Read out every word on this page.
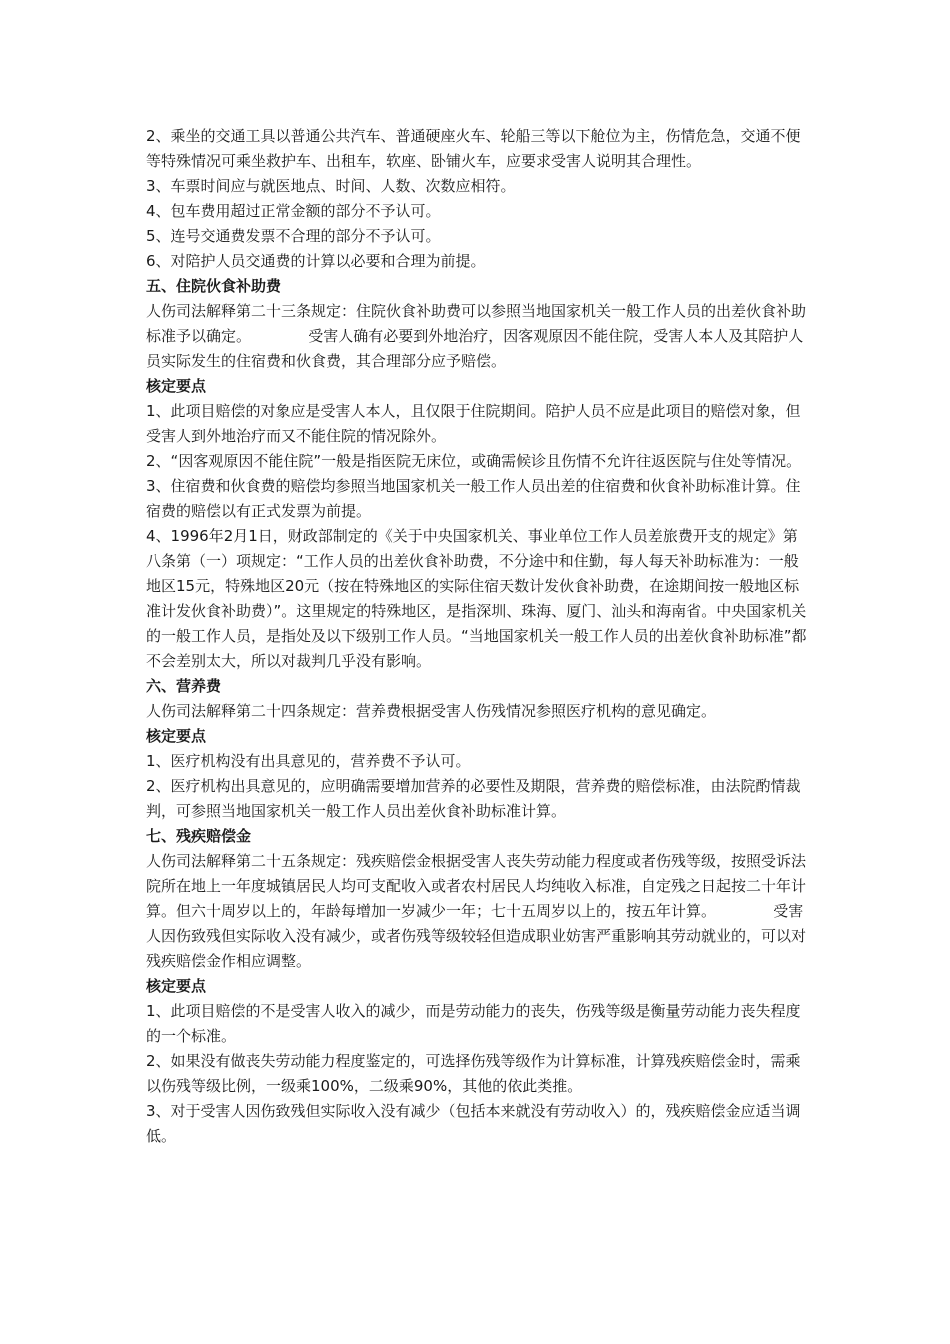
2、乘坐的交通工具以普通公共汽车、普通硬座火车、轮船三等以下舱位为主，伤情危急，交通不便等特殊情况可乘坐救护车、出租车，软座、卧铺火车，应要求受害人说明其合理性。

3、车票时间应与就医地点、时间、人数、次数应相符。

4、包车费用超过正常金额的部分不予认可。

5、连号交通费发票不合理的部分不予认可。

6、对陪护人员交通费的计算以必要和合理为前提。

五、住院伙食补助费

人伤司法解释第二十三条规定：住院伙食补助费可以参照当地国家机关一般工作人员的出差伙食补助标准予以确定。            受害人确有必要到外地治疗，因客观原因不能住院，受害人本人及其陪护人员实际发生的住宿费和伙食费，其合理部分应予赔偿。

核定要点

1、此项目赔偿的对象应是受害人本人，且仅限于住院期间。陪护人员不应是此项目的赔偿对象，但受害人到外地治疗而又不能住院的情况除外。

2、“因客观原因不能住院”一般是指医院无床位，或确需候诊且伤情不允许往返医院与住处等情况。

3、住宿费和伙食费的赔偿均参照当地国家机关一般工作人员出差的住宿费和伙食补助标准计算。住宿费的赔偿以有正式发票为前提。

4、1996年2月1日，财政部制定的《关于中央国家机关、事业单位工作人员差旅费开支的规定》第八条第（一）项规定：“工作人员的出差伙食补助费，不分途中和住勤，每人每天补助标准为：一般地区15元，特殊地区20元（按在特殊地区的实际住宿天数计发伙食补助费，在途期间按一般地区标准计发伙食补助费）”。这里规定的特殊地区，是指深圳、珠海、厦门、汕头和海南省。中央国家机关的一般工作人员，是指处及以下级别工作人员。“当地国家机关一般工作人员的出差伙食补助标准”都不会差别太大，所以对裁判几乎没有影响。

六、营养费

人伤司法解释第二十四条规定：营养费根据受害人伤残情况参照医疗机构的意见确定。

核定要点

1、医疗机构没有出具意见的，营养费不予认可。

2、医疗机构出具意见的，应明确需要增加营养的必要性及期限，营养费的赔偿标准，由法院酌情裁判，可参照当地国家机关一般工作人员出差伙食补助标准计算。

七、残疾赔偿金

人伤司法解释第二十五条规定：残疾赔偿金根据受害人丧失劳动能力程度或者伤残等级，按照受诉法院所在地上一年度城镇居民人均可支配收入或者农村居民人均纯收入标准，自定残之日起按二十年计算。但六十周岁以上的，年龄每增加一岁减少一年；七十五周岁以上的，按五年计算。            受害人因伤致残但实际收入没有减少，或者伤残等级较轻但造成职业妨害严重影响其劳动就业的，可以对残疾赔偿金作相应调整。

核定要点

1、此项目赔偿的不是受害人收入的减少，而是劳动能力的丧失，伤残等级是衡量劳动能力丧失程度的一个标准。

2、如果没有做丧失劳动能力程度鉴定的，可选择伤残等级作为计算标准，计算残疾赔偿金时，需乘以伤残等级比例，一级乘100%，二级乘90%，其他的依此类推。

3、对于受害人因伤致残但实际收入没有减少（包括本来就没有劳动收入）的，残疾赔偿金应适当调低。
